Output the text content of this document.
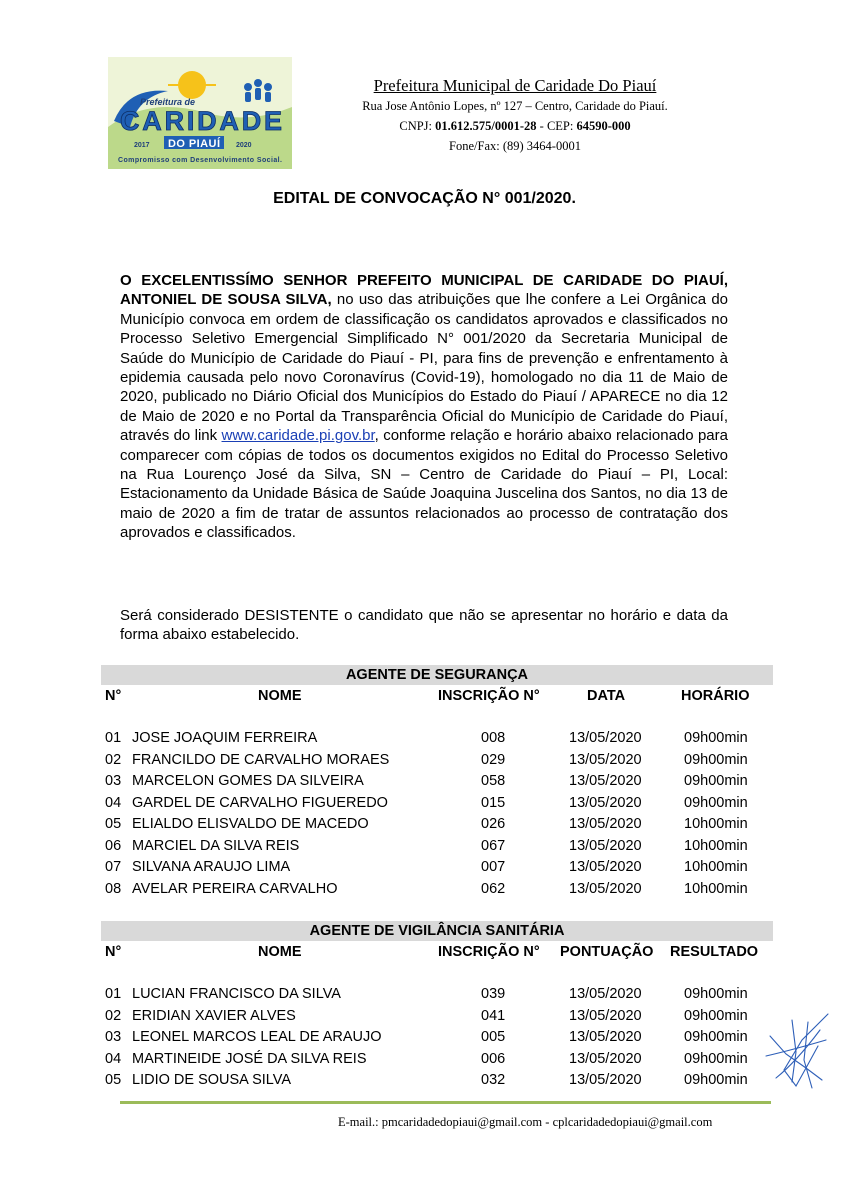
Prefeitura de
CARIDADE
DO PIAUÍ
2017	2020
Compromisso com Desenvolvimento Social.

Prefeitura Municipal de Caridade Do Piauí

Rua Jose Antônio Lopes, nº 127 – Centro, Caridade do Piauí.

CNPJ: 01.612.575/0001-28 - CEP: 64590-000

Fone/Fax: (89) 3464-0001

EDITAL DE CONVOCAÇÃO N° 001/2020.
O EXCELENTISSÍMO SENHOR PREFEITO MUNICIPAL DE CARIDADE DO PIAUÍ, ANTONIEL DE SOUSA SILVA, no uso das atribuições que lhe confere a Lei Orgânica do Município convoca em ordem de classificação os candidatos aprovados e classificados no Processo Seletivo Emergencial Simplificado N° 001/2020 da Secretaria Municipal de Saúde do Município de Caridade do Piauí - PI, para fins de prevenção e enfrentamento à epidemia causada pelo novo Coronavírus (Covid-19), homologado no dia 11 de Maio de 2020, publicado no Diário Oficial dos Municípios do Estado do Piauí / APARECE no dia 12 de Maio de 2020 e no Portal da Transparência Oficial do Município de Caridade do Piauí, através do link www.caridade.pi.gov.br, conforme relação e horário abaixo relacionado para comparecer com cópias de todos os documentos exigidos no Edital do Processo Seletivo na Rua Lourenço José da Silva, SN – Centro de Caridade do Piauí – PI, Local: Estacionamento da Unidade Básica de Saúde Joaquina Juscelina dos Santos, no dia 13 de maio de 2020 a fim de tratar de assuntos relacionados ao processo de contratação dos aprovados e classificados.
Será considerado DESISTENTE o candidato que não se apresentar no horário e data da forma abaixo estabelecido.
AGENTE DE SEGURANÇA
N°	NOME	INSCRIÇÃO N°	DATA	HORÁRIO
01 JOSE JOAQUIM FERREIRA	008	13/05/2020	09h00min
02 FRANCILDO DE CARVALHO MORAES	029	13/05/2020	09h00min
03 MARCELON GOMES DA SILVEIRA	058	13/05/2020	09h00min
04 GARDEL DE CARVALHO FIGUEREDO	015	13/05/2020	09h00min
05 ELIALDO ELISVALDO DE MACEDO	026	13/05/2020	10h00min
06 MARCIEL DA SILVA REIS	067	13/05/2020	10h00min
07 SILVANA ARAUJO LIMA	007	13/05/2020	10h00min
08 AVELAR PEREIRA CARVALHO	062	13/05/2020	10h00min
AGENTE DE VIGILÂNCIA SANITÁRIA
N°	NOME	INSCRIÇÃO N° PONTUAÇÃO RESULTADO
01 LUCIAN FRANCISCO DA SILVA	039	13/05/2020	09h00min
02 ERIDIAN XAVIER ALVES	041	13/05/2020	09h00min
03 LEONEL MARCOS LEAL DE ARAUJO	005	13/05/2020	09h00min
04 MARTINEIDE JOSÉ DA SILVA REIS	006	13/05/2020	09h00min
05 LIDIO DE SOUSA SILVA	032	13/05/2020	09h00min
E-mail.: pmcaridadedopiaui@gmail.com - cplcaridadedopiaui@gmail.com
